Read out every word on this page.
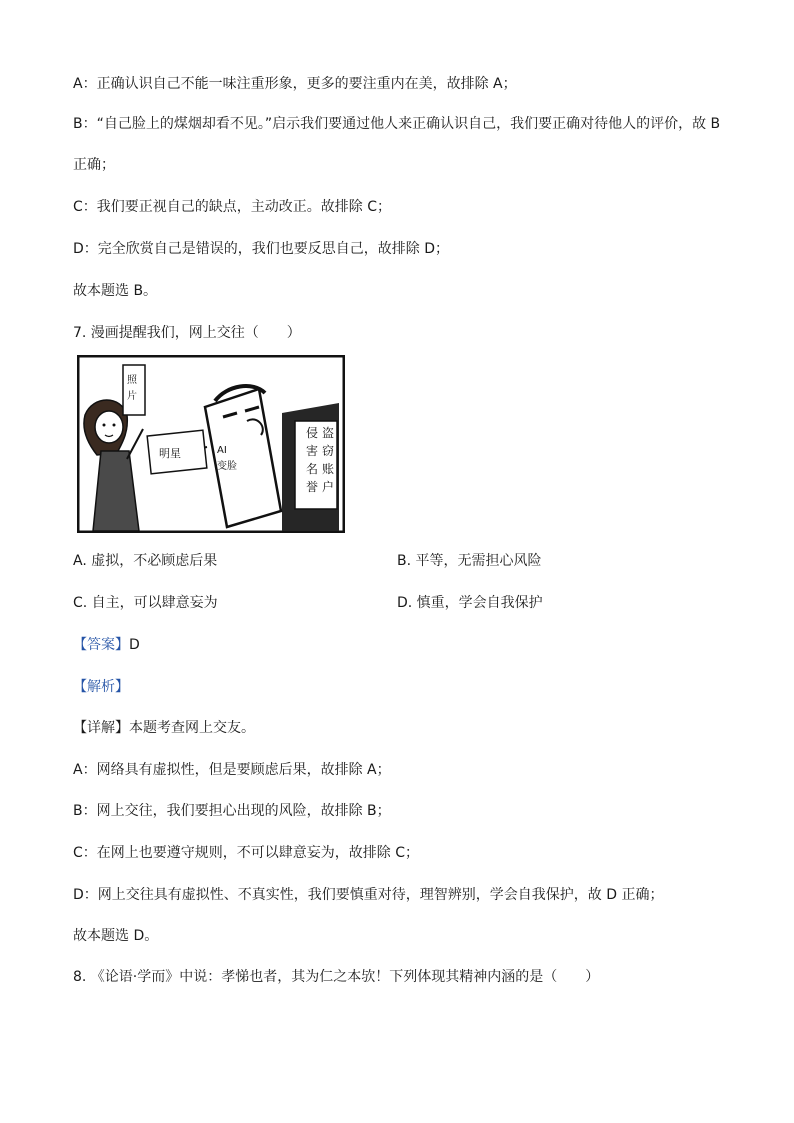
A：正确认识自己不能一味注重形象，更多的要注重内在美，故排除 A；
B：“自己脸上的煤烟却看不见。”启示我们要通过他人来正确认识自己，我们要正确对待他人的评价，故 B
正确；
C：我们要正视自己的缺点，主动改正。故排除 C；
D：完全欣赏自己是错误的，我们也要反思自己，故排除 D；
故本题选 B。
7. 漫画提醒我们，网上交往（　　）
侵
害
名
誉
盗
窃
账
户
AI
变脸
明星
照
片
A. 虚拟，不必顾虑后果	B. 平等，无需担心风险
C. 自主，可以肆意妄为	D. 慎重，学会自我保护
【答案】D
【解析】
【详解】本题考查网上交友。
A：网络具有虚拟性，但是要顾虑后果，故排除 A；
B：网上交往，我们要担心出现的风险，故排除 B；
C：在网上也要遵守规则，不可以肆意妄为，故排除 C；
D：网上交往具有虚拟性、不真实性，我们要慎重对待，理智辨别，学会自我保护，故 D 正确；
故本题选 D。
8. 《论语·学而》中说：孝悌也者，其为仁之本欤！下列体现其精神内涵的是（　　）
